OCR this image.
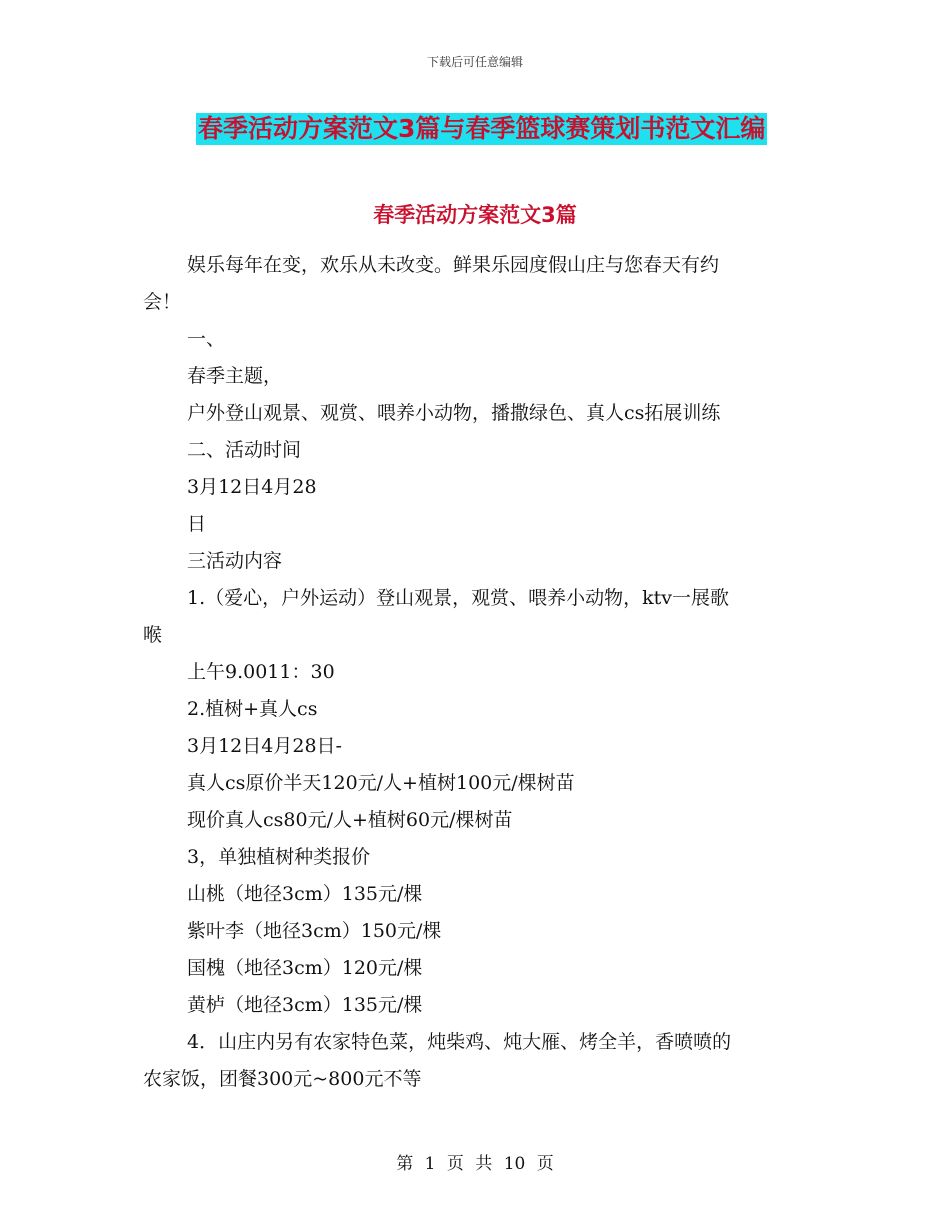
下载后可任意编辑
春季活动方案范文3篇与春季篮球赛策划书范文汇编
春季活动方案范文3篇

娱乐每年在变，欢乐从未改变。鲜果乐园度假山庄与您春天有约

会！

一、

春季主题，

户外登山观景、观赏、喂养小动物，播撒绿色、真人cs拓展训练

二、活动时间

3月12日4月28

日

三活动内容

1.（爱心，户外运动）登山观景，观赏、喂养小动物，ktv一展歌

喉

上午9.0011：30

2.植树+真人cs

3月12日4月28日-

真人cs原价半天120元/人+植树100元/棵树苗

现价真人cs80元/人+植树60元/棵树苗

3，单独植树种类报价

山桃（地径3cm）135元/棵

紫叶李（地径3cm）150元/棵

国槐（地径3cm）120元/棵

黄栌（地径3cm）135元/棵

4．山庄内另有农家特色菜，炖柴鸡、炖大雁、烤全羊，香喷喷的

农家饭，团餐300元~800元不等

第 1 页 共 10 页
